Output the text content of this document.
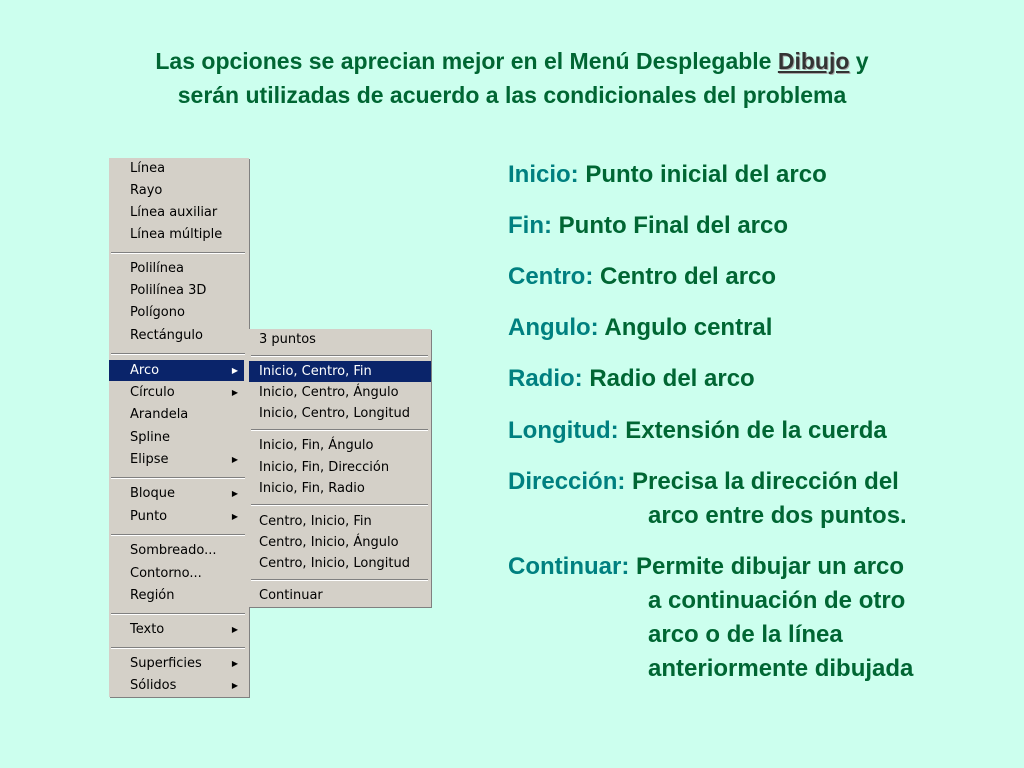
Las opciones se aprecian mejor en el Menú Desplegable Dibujo y
serán utilizadas de acuerdo a las condicionales del problema
Línea
Rayo
Línea auxiliar
Línea múltiple
Polilínea
Polilínea 3D
Polígono
Rectángulo
Arco	▶
Círculo	▶
Arandela
Spline
Elipse	▶
Bloque	▶
Punto	▶
Sombreado...
Contorno...
Región
Texto	▶
Superficies	▶
Sólidos	▶
3 puntos
Inicio, Centro, Fin
Inicio, Centro, Ángulo
Inicio, Centro, Longitud
Inicio, Fin, Ángulo
Inicio, Fin, Dirección
Inicio, Fin, Radio
Centro, Inicio, Fin
Centro, Inicio, Ángulo
Centro, Inicio, Longitud
Continuar
Inicio: Punto inicial del arco
Fin: Punto Final del arco
Centro: Centro del arco
Angulo: Angulo central
Radio: Radio del arco
Longitud: Extensión de la cuerda
Dirección: Precisa la dirección del
arco entre dos puntos.
Continuar: Permite dibujar un arco
a continuación de otro
arco o de la línea
anteriormente dibujada
